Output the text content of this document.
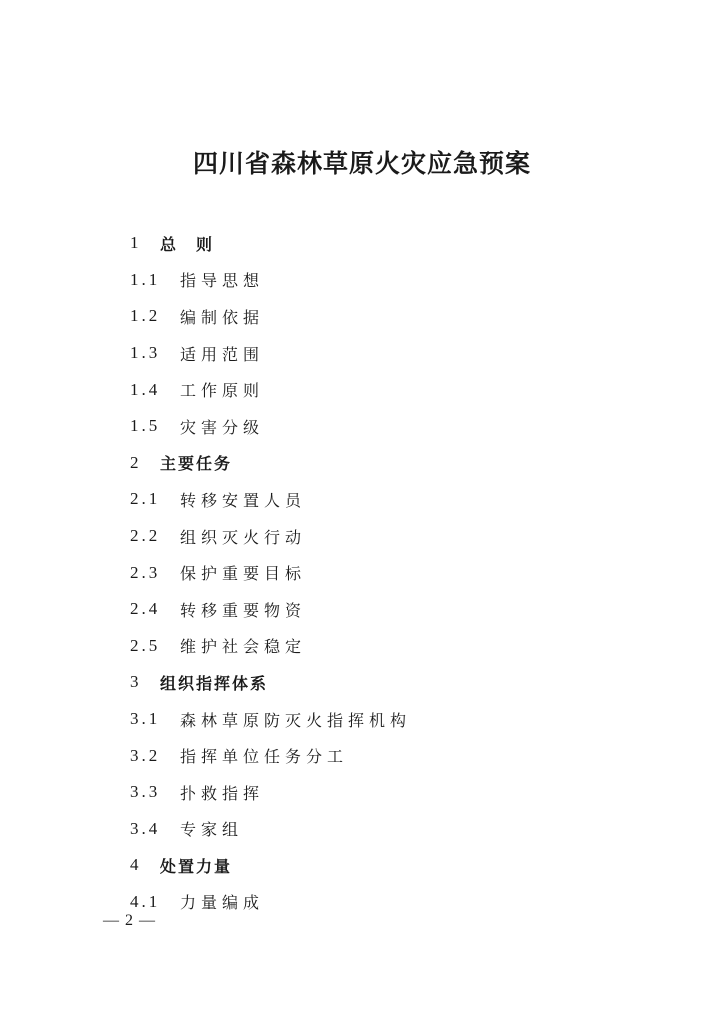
四川省森林草原火灾应急预案
1	总　则
1.1	指导思想
1.2	编制依据
1.3	适用范围
1.4	工作原则
1.5	灾害分级
2	主要任务
2.1	转移安置人员
2.2	组织灭火行动
2.3	保护重要目标
2.4	转移重要物资
2.5	维护社会稳定
3	组织指挥体系
3.1	森林草原防灭火指挥机构
3.2	指挥单位任务分工
3.3	扑救指挥
3.4	专家组
4	处置力量
4.1	力量编成
— 2 —
